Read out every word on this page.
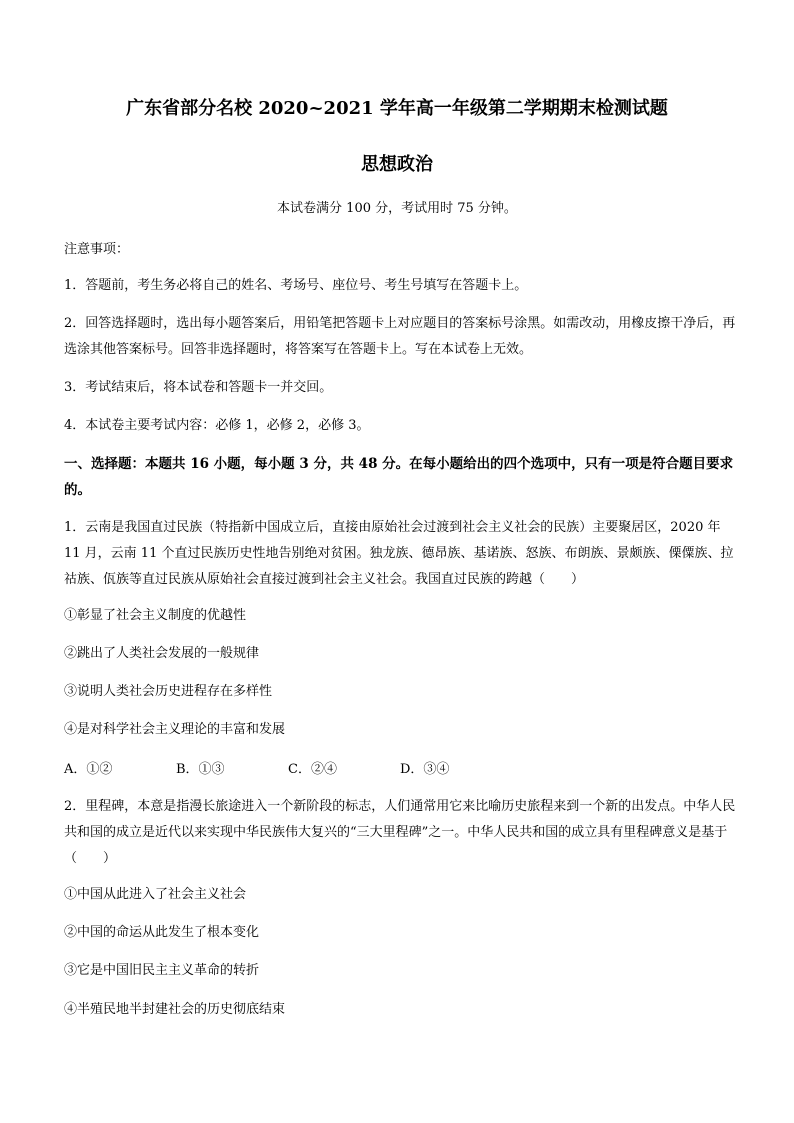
广东省部分名校 2020~2021 学年高一年级第二学期期末检测试题
思想政治
本试卷满分 100 分，考试用时 75 分钟。
注意事项：
1．答题前，考生务必将自己的姓名、考场号、座位号、考生号填写在答题卡上。
2．回答选择题时，选出每小题答案后，用铅笔把答题卡上对应题目的答案标号涂黑。如需改动，用橡皮擦干净后，再选涂其他答案标号。回答非选择题时，将答案写在答题卡上。写在本试卷上无效。
3．考试结束后，将本试卷和答题卡一并交回。
4．本试卷主要考试内容：必修 1，必修 2，必修 3。
一、选择题：本题共 16 小题，每小题 3 分，共 48 分。在每小题给出的四个选项中，只有一项是符合题目要求的。
1．云南是我国直过民族（特指新中国成立后，直接由原始社会过渡到社会主义社会的民族）主要聚居区，2020 年 11 月，云南 11 个直过民族历史性地告别绝对贫困。独龙族、德昂族、基诺族、怒族、布朗族、景颇族、傈僳族、拉祜族、佤族等直过民族从原始社会直接过渡到社会主义社会。我国直过民族的跨越（　　）
①彰显了社会主义制度的优越性
②跳出了人类社会发展的一般规律
③说明人类社会历史进程存在多样性
④是对科学社会主义理论的丰富和发展
A．①②	B．①③	C．②④	D．③④
2．里程碑，本意是指漫长旅途进入一个新阶段的标志，人们通常用它来比喻历史旅程来到一个新的出发点。中华人民共和国的成立是近代以来实现中华民族伟大复兴的“三大里程碑”之一。中华人民共和国的成立具有里程碑意义是基于（　　）
①中国从此进入了社会主义社会
②中国的命运从此发生了根本变化
③它是中国旧民主主义革命的转折
④半殖民地半封建社会的历史彻底结束
